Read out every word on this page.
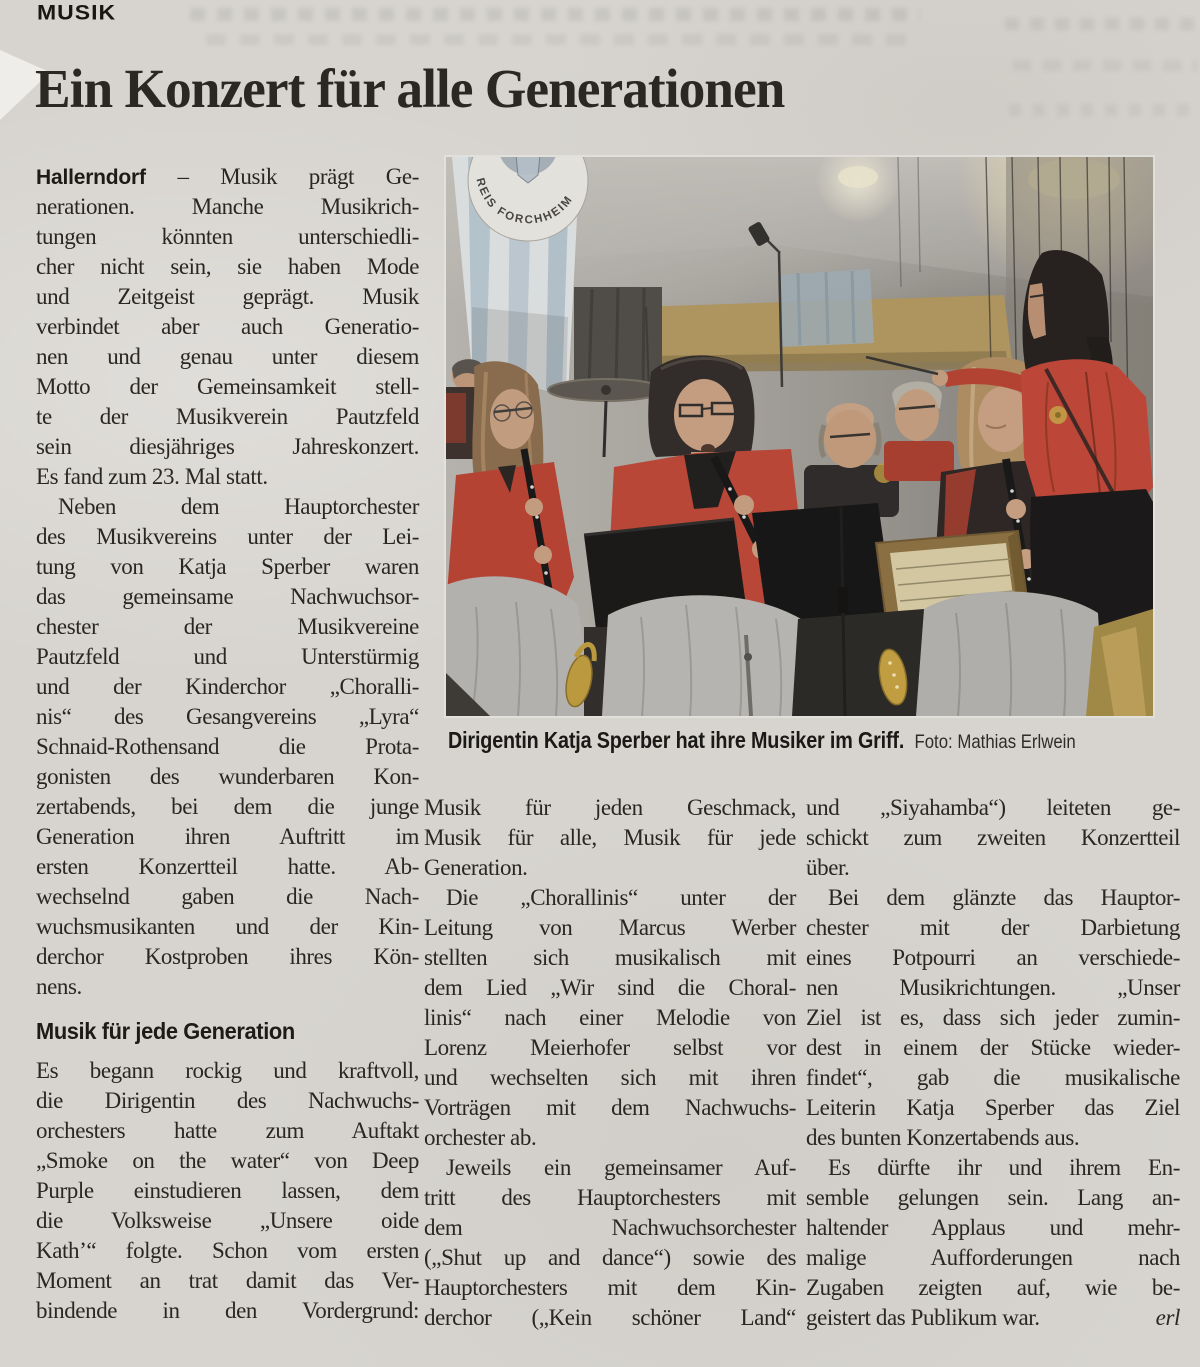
MUSIK
Ein Konzert für alle Generationen
Hallerndorf – Musik prägt Ge-
nerationen. Manche Musikrich-
tungen könnten unterschiedli-
cher nicht sein, sie haben Mode
und Zeitgeist geprägt. Musik
verbindet aber auch Generatio-
nen und genau unter diesem
Motto der Gemeinsamkeit stell-
te der Musikverein Pautzfeld
sein diesjähriges Jahreskonzert.
Es fand zum 23. Mal statt.
Neben dem Hauptorchester
des Musikvereins unter der Lei-
tung von Katja Sperber waren
das gemeinsame Nachwuchsor-
chester der Musikvereine
Pautzfeld und Unterstürmig
und der Kinderchor „Choralli-
nis“ des Gesangvereins „Lyra“
Schnaid-Rothensand die Prota-
gonisten des wunderbaren Kon-
zertabends, bei dem die junge
Generation ihren Auftritt im
ersten Konzertteil hatte. Ab-
wechselnd gaben die Nach-
wuchsmusikanten und der Kin-
derchor Kostproben ihres Kön-
nens.
Musik für jede Generation
Es begann rockig und kraftvoll,
die Dirigentin des Nachwuchs-
orchesters hatte zum Auftakt
„Smoke on the water“ von Deep
Purple einstudieren lassen, dem
die Volksweise „Unsere oide
Kath’“ folgte. Schon vom ersten
Moment an trat damit das Ver-
bindende in den Vordergrund:
REIS FORCHHEIM
Dirigentin Katja Sperber hat ihre Musiker im Griff. Foto: Mathias Erlwein
Musik für jeden Geschmack,
Musik für alle, Musik für jede
Generation.
Die „Chorallinis“ unter der
Leitung von Marcus Werber
stellten sich musikalisch mit
dem Lied „Wir sind die Choral-
linis“ nach einer Melodie von
Lorenz Meierhofer selbst vor
und wechselten sich mit ihren
Vorträgen mit dem Nachwuchs-
orchester ab.
Jeweils ein gemeinsamer Auf-
tritt des Hauptorchesters mit
dem Nachwuchsorchester
(„Shut up and dance“) sowie des
Hauptorchesters mit dem Kin-
derchor („Kein schöner Land“
und „Siyahamba“) leiteten ge-
schickt zum zweiten Konzertteil
über.
Bei dem glänzte das Hauptor-
chester mit der Darbietung
eines Potpourri an verschiede-
nen Musikrichtungen. „Unser
Ziel ist es, dass sich jeder zumin-
dest in einem der Stücke wieder-
findet“, gab die musikalische
Leiterin Katja Sperber das Ziel
des bunten Konzertabends aus.
Es dürfte ihr und ihrem En-
semble gelungen sein. Lang an-
haltender Applaus und mehr-
malige Aufforderungen nach
Zugaben zeigten auf, wie be-
geistert das Publikum war.	erl
